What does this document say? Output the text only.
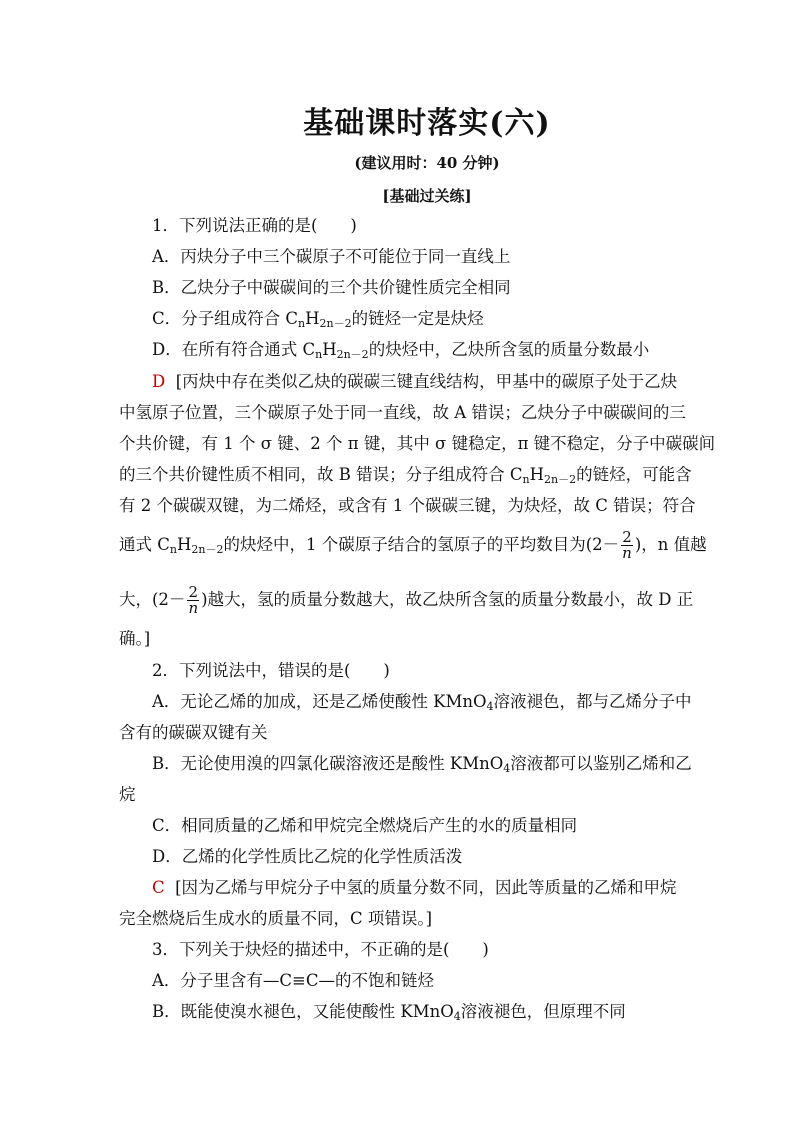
基础课时落实(六)
(建议用时：40 分钟)
[基础过关练]
1．下列说法正确的是(　　)
A．丙炔分子中三个碳原子不可能位于同一直线上
B．乙炔分子中碳碳间的三个共价键性质完全相同
C．分子组成符合 CnH2n－2的链烃一定是炔烃
D．在所有符合通式 CnH2n－2的炔烃中，乙炔所含氢的质量分数最小
D [丙炔中存在类似乙炔的碳碳三键直线结构，甲基中的碳原子处于乙炔
中氢原子位置，三个碳原子处于同一直线，故 A 错误；乙炔分子中碳碳间的三
个共价键，有 1 个 σ 键、2 个 π 键，其中 σ 键稳定，π 键不稳定，分子中碳碳间
的三个共价键性质不相同，故 B 错误；分子组成符合 CnH2n－2的链烃，可能含
有 2 个碳碳双键，为二烯烃，或含有 1 个碳碳三键，为炔烃，故 C 错误；符合
通式 CnH2n－2的炔烃中，1 个碳原子结合的氢原子的平均数目为($2- \frac{2}{n}$ )，n 值越
大，($2- \frac{2}{n}$ )越大，氢的质量分数越大，故乙炔所含氢的质量分数最小，故 D 正
确。]
2．下列说法中，错误的是(　　)
A．无论乙烯的加成，还是乙烯使酸性 KMnO4溶液褪色，都与乙烯分子中
含有的碳碳双键有关
B．无论使用溴的四氯化碳溶液还是酸性 KMnO4溶液都可以鉴别乙烯和乙
烷
C．相同质量的乙烯和甲烷完全燃烧后产生的水的质量相同
D．乙烯的化学性质比乙烷的化学性质活泼
C [因为乙烯与甲烷分子中氢的质量分数不同，因此等质量的乙烯和甲烷
完全燃烧后生成水的质量不同，C 项错误。]
3．下列关于炔烃的描述中，不正确的是(　　)
A．分子里含有—C≡C—的不饱和链烃
B．既能使溴水褪色，又能使酸性 KMnO4溶液褪色，但原理不同
